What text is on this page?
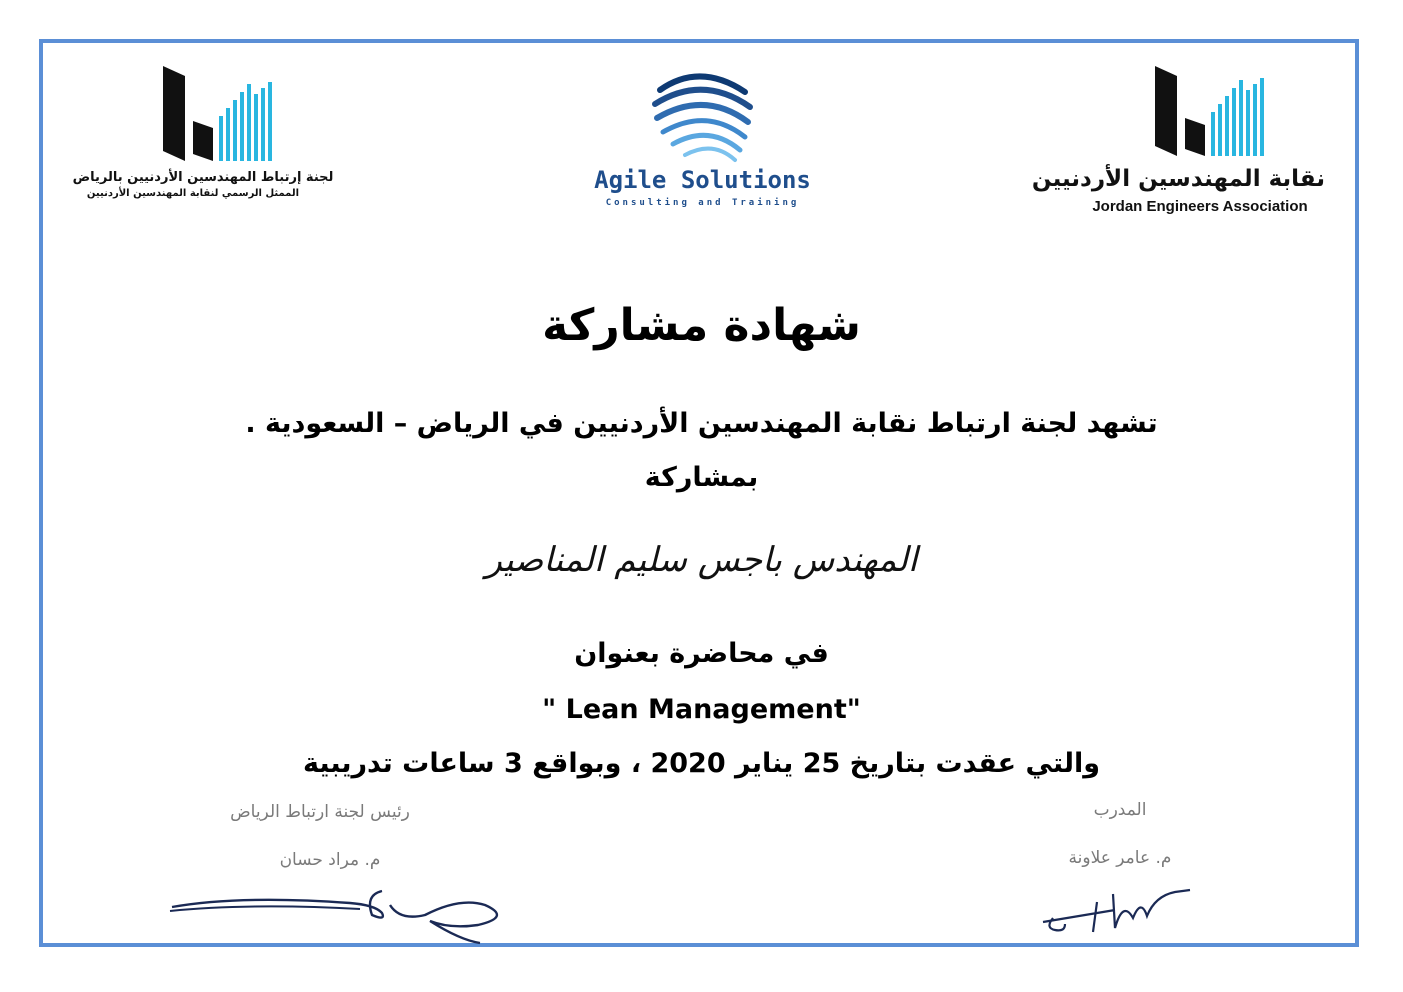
لجنة إرتباط المهندسين الأردنيين بالرياض
الممثل الرسمي لنقابة المهندسين الأردنيين	Agile Solutions
Consulting and Training
نقابة المهندسين الأردنيين
Jordan Engineers Association
شهادة مشاركة
تشهد لجنة ارتباط نقابة المهندسين الأردنيين في الرياض – السعودية .
بمشاركة
المهندس باجس سليم المناصير
في محاضرة بعنوان
" Lean Management"
والتي عقدت بتاريخ 25 يناير 2020 ، وبواقع 3 ساعات تدريبية
رئيس لجنة ارتباط الرياض
م. مراد حسان
المدرب
م. عامر علاونة
